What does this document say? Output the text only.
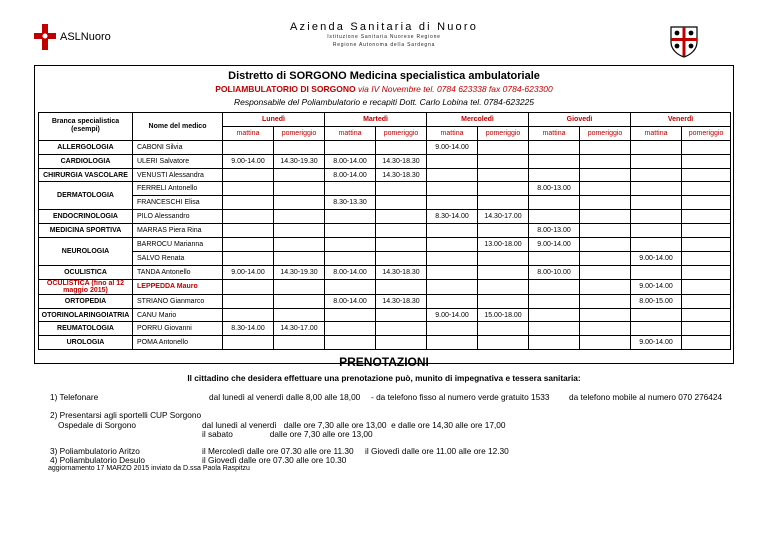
Azienda Sanitaria di Nuoro
Istituzione Sanitaria Nuorese Regione
Regione Autonoma della Sardegna
ASLNuoro
Distretto di SORGONO Medicina specialistica ambulatoriale
POLIAMBULATORIO DI SORGONO via IV Novembre tel. 0784 623338 fax 0784-623300
Responsabile del Poliambulatorio e recapiti Dott. Carlo Lobina tel. 0784-623225
Branca specialistica (esempi)	Nome del medico	Lunedì		Martedì		Mercoledì		Giovedì		Venerdì	
		mattina	pomeriggio	mattina	pomeriggio	mattina	pomeriggio	mattina	pomeriggio	mattina	pomeriggio
ALLERGOLOGIA	CABONI Silvia					9.00-14.00					
CARDIOLOGIA	ULERI Salvatore	9.00-14.00	14.30-19.30	8.00-14.00	14.30-18.30						
CHIRURGIA VASCOLARE	VENUSTI Alessandra			8.00-14.00	14.30-18.30						
DERMATOLOGIA	FERRELI Antonello							8.00-13.00			
	FRANCESCHI Elisa			8.30-13.30							
ENDOCRINOLOGIA	PILO Alessandro					8.30-14.00	14.30-17.00				
MEDICINA SPORTIVA	MARRAS Piera Rina							8.00-13.00			
NEUROLOGIA	BARROCU Marianna						13.00-18.00	9.00-14.00			
	SALVO Renata									9.00-14.00	
OCULISTICA	TANDA Antonello	9.00-14.00	14.30-19.30	8.00-14.00	14.30-18.30			8.00-10.00			
OCULISTICA (fino al 12 maggio 2015)	LEPPEDDA Mauro									9.00-14.00	
ORTOPEDIA	STRIANO Gianmarco			8.00-14.00	14.30-18.30					8.00-15.00	
OTORINOLARINGOIATRIA	CANU Mario					9.00-14.00	15.00-18.00				
REUMATOLOGIA	PORRU Giovanni	8.30-14.00	14.30-17.00								
UROLOGIA	POMA Antonello									9.00-14.00	
PRENOTAZIONI
Il cittadino che desidera effettuare una prenotazione può, munito di impegnativa e tessera sanitaria:
1) Telefonare	dal lunedì al venerdì dalle 8,00 alle 18,00 - da telefono fisso al numero verde gratuito 1533 da telefono mobile al numero 070 276424
2) Presentarsi agli sportelli CUP Sorgono
Ospedale di Sorgono	dal lunedì al venerdì   dalle ore 7,30 alle ore 13,00  e dalle ore 14,30 alle ore 17,00
il sabato                dalle ore 7,30 alle ore 13,00
3) Poliambulatorio Aritzo	il Mercoledì dalle ore 07.30 alle ore 11.30 il Giovedì dalle ore 11.00 alle ore 12.30
4) Poliambulatorio Desulo	il Giovedì dalle ore 07.30 alle ore 10.30
aggiornamento 17 MARZO 2015 inviato da D.ssa Paola Raspitzu
